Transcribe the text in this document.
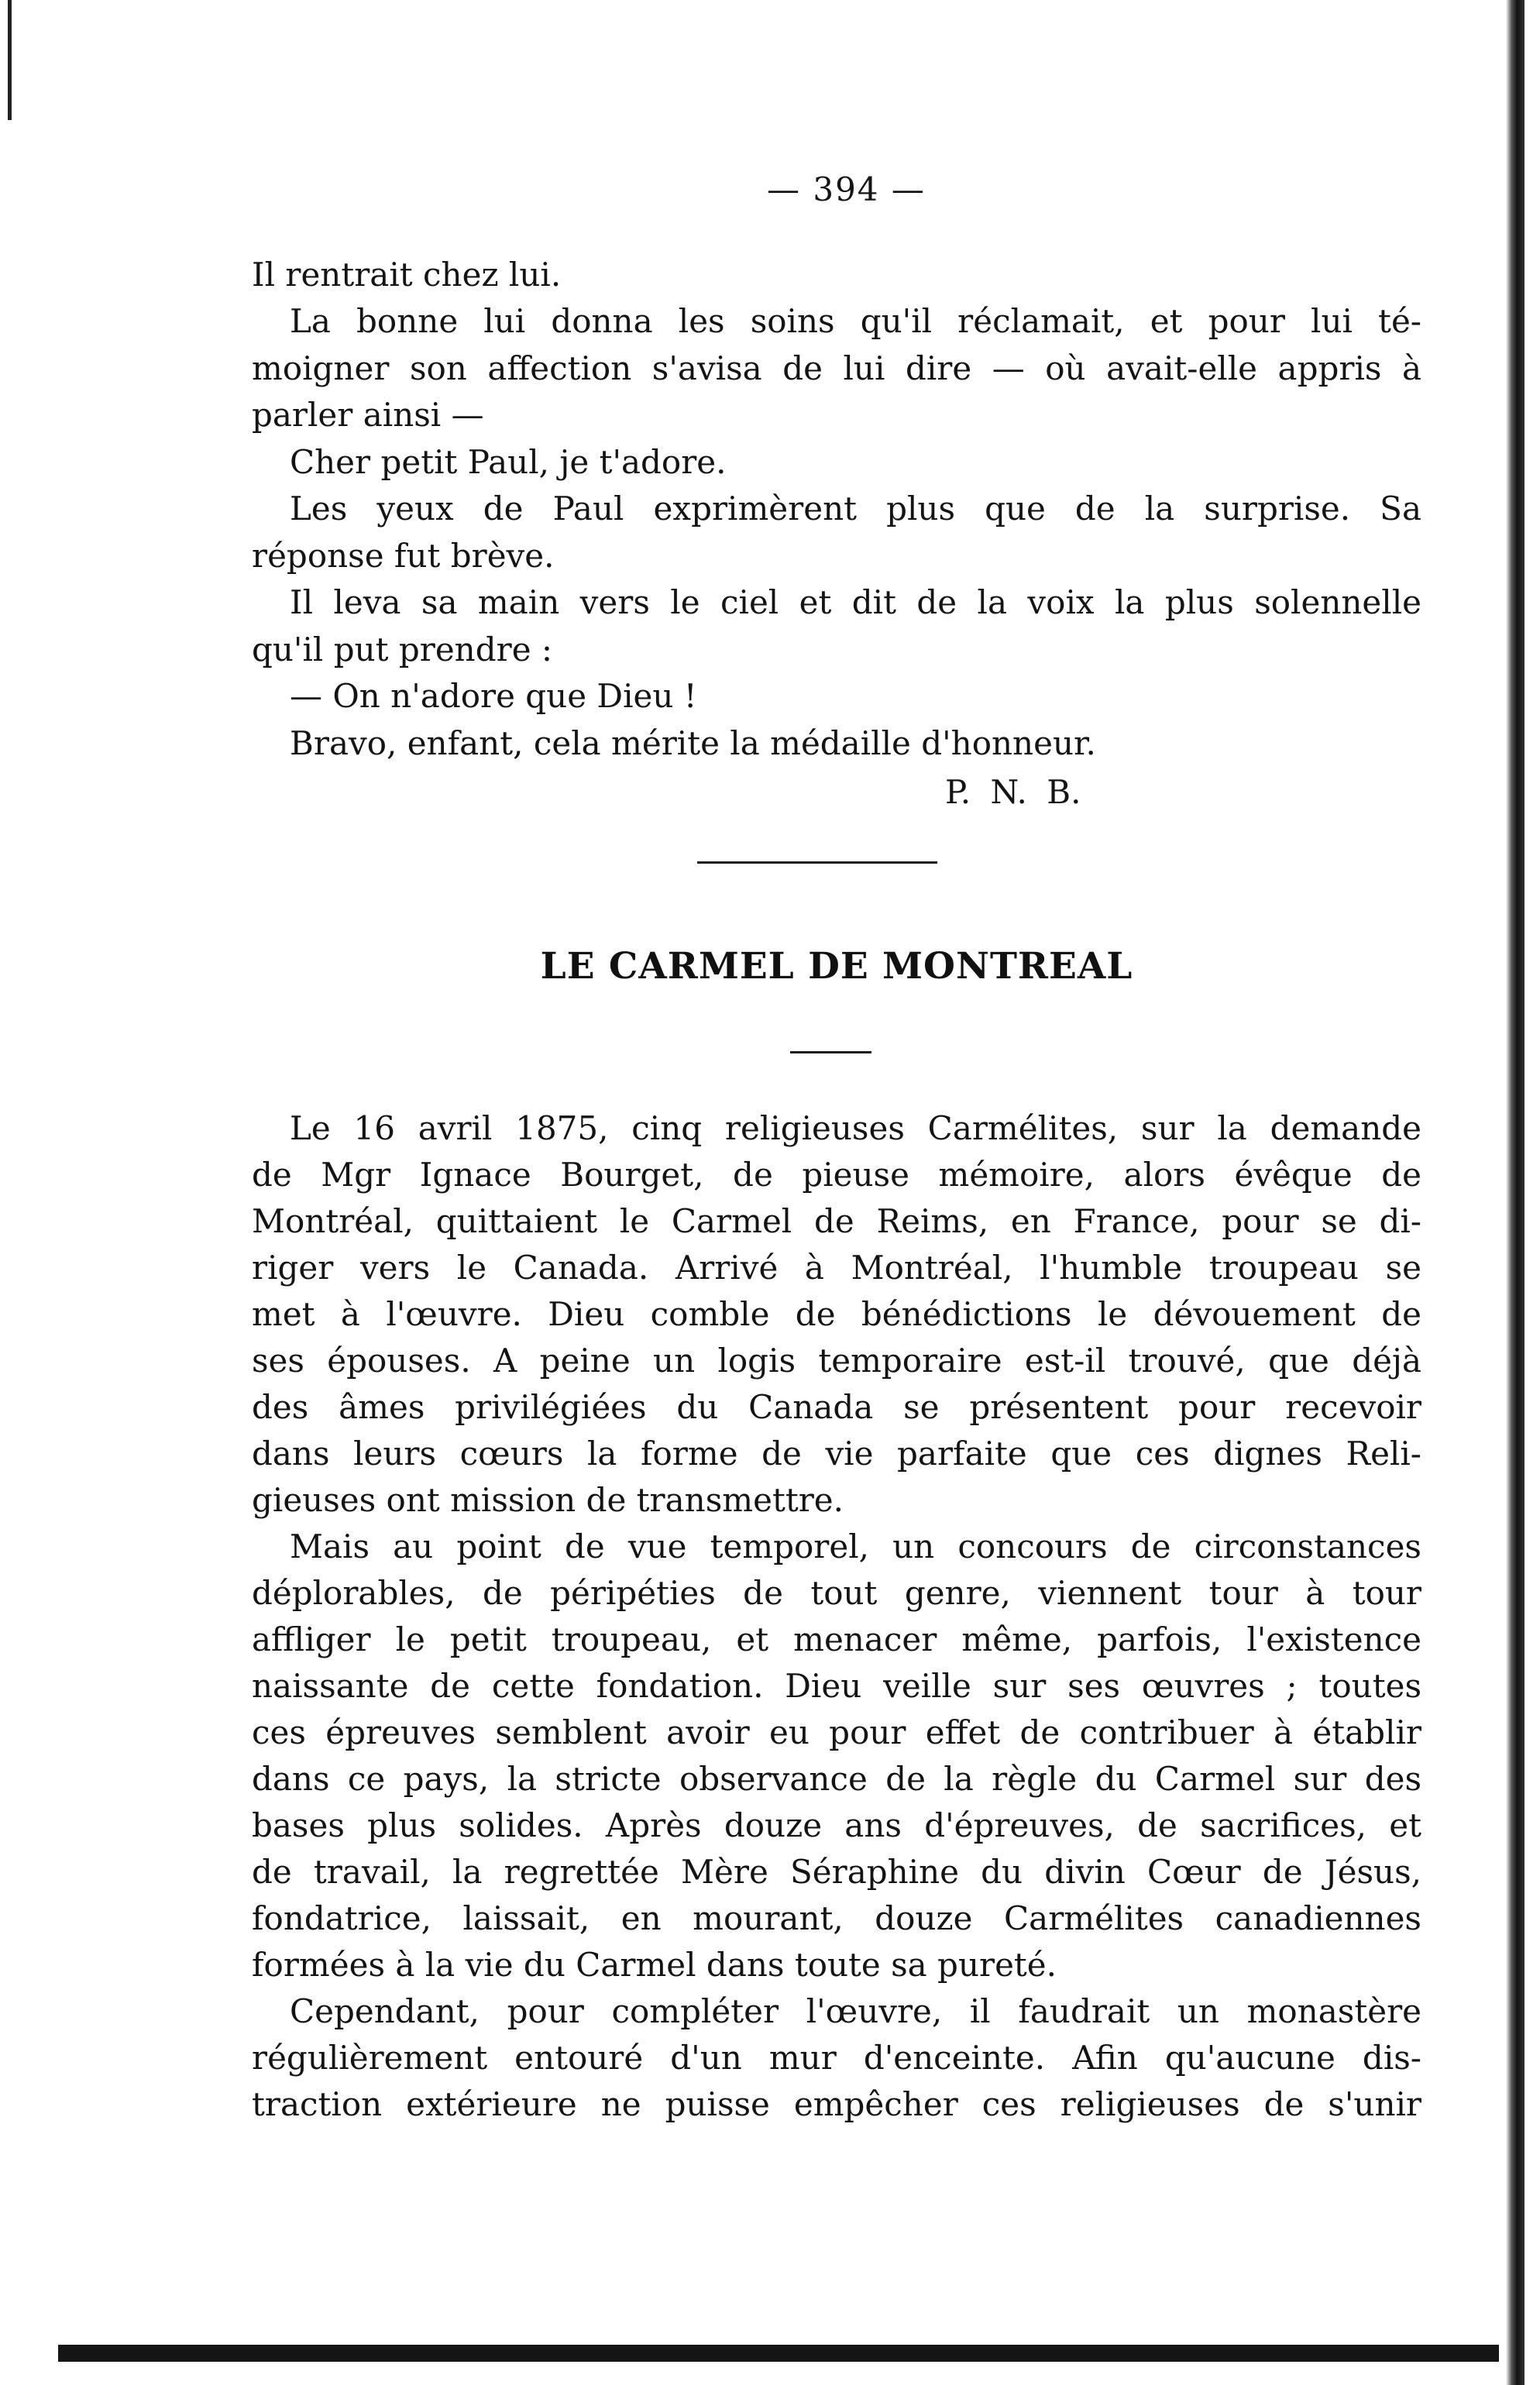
— 394 —
Il rentrait chez lui.
La bonne lui donna les soins qu'il réclamait, et pour lui té-
moigner son affection s'avisa de lui dire — où avait-elle appris à
parler ainsi —
Cher petit Paul, je t'adore.
Les yeux de Paul exprimèrent plus que de la surprise. Sa
réponse fut brève.
Il leva sa main vers le ciel et dit de la voix la plus solennelle
qu'il put prendre :
— On n'adore que Dieu !
Bravo, enfant, cela mérite la médaille d'honneur.
P. N. B.
LE CARMEL DE MONTREAL
Le 16 avril 1875, cinq religieuses Carmélites, sur la demande
de Mgr Ignace Bourget, de pieuse mémoire, alors évêque de
Montréal, quittaient le Carmel de Reims, en France, pour se di-
riger vers le Canada. Arrivé à Montréal, l'humble troupeau se
met à l'œuvre. Dieu comble de bénédictions le dévouement de
ses épouses. A peine un logis temporaire est-il trouvé, que déjà
des âmes privilégiées du Canada se présentent pour recevoir
dans leurs cœurs la forme de vie parfaite que ces dignes Reli-
gieuses ont mission de transmettre.
Mais au point de vue temporel, un concours de circonstances
déplorables, de péripéties de tout genre, viennent tour à tour
affliger le petit troupeau, et menacer même, parfois, l'existence
naissante de cette fondation. Dieu veille sur ses œuvres ; toutes
ces épreuves semblent avoir eu pour effet de contribuer à établir
dans ce pays, la stricte observance de la règle du Carmel sur des
bases plus solides. Après douze ans d'épreuves, de sacrifices, et
de travail, la regrettée Mère Séraphine du divin Cœur de Jésus,
fondatrice, laissait, en mourant, douze Carmélites canadiennes
formées à la vie du Carmel dans toute sa pureté.
Cependant, pour compléter l'œuvre, il faudrait un monastère
régulièrement entouré d'un mur d'enceinte. Afin qu'aucune dis-
traction extérieure ne puisse empêcher ces religieuses de s'unir
